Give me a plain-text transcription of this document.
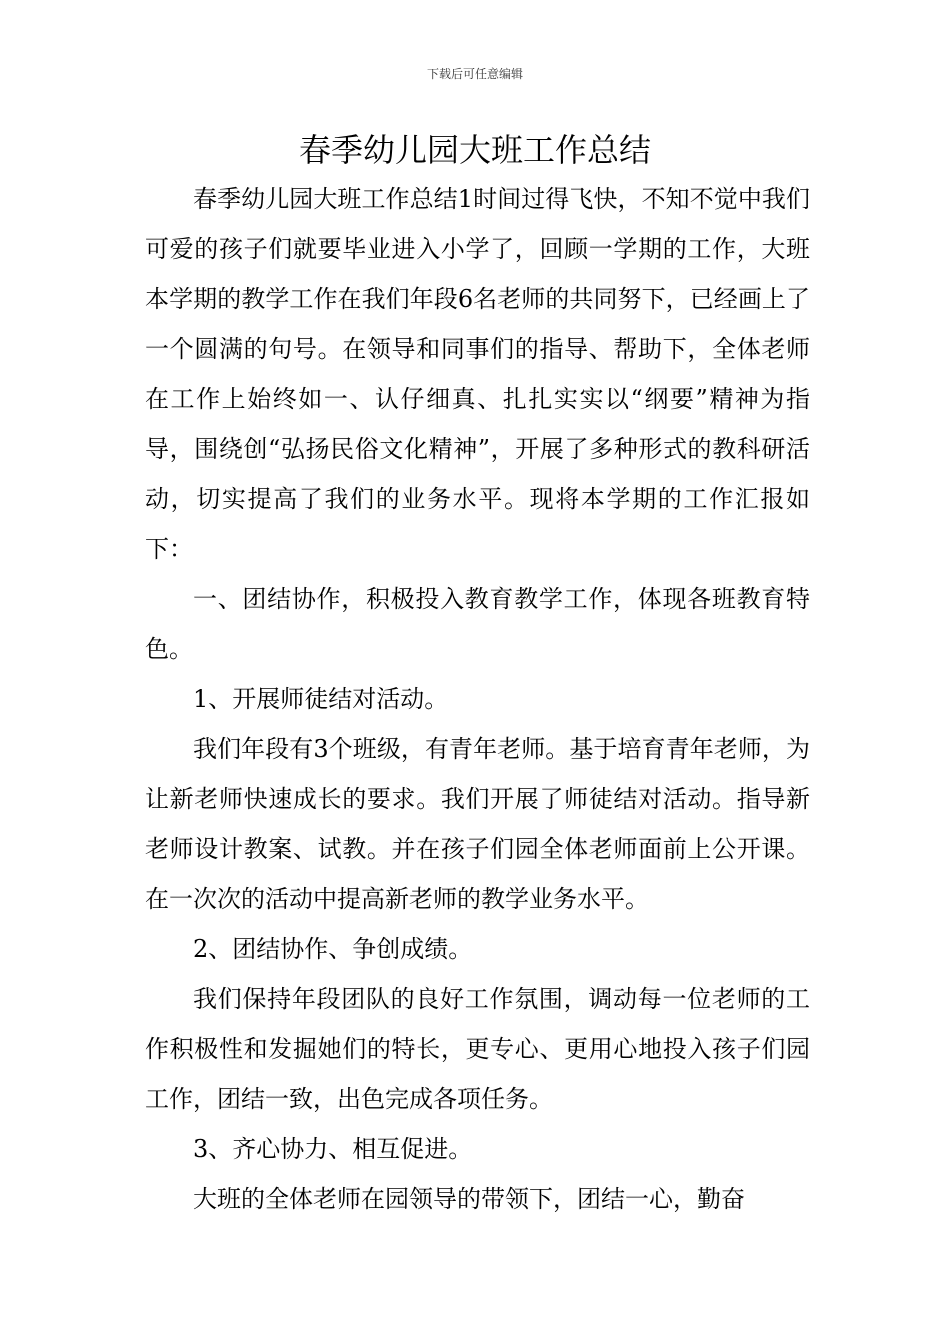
下载后可任意编辑
春季幼儿园大班工作总结

春季幼儿园大班工作总结1时间过得飞快，不知不觉中我们可爱的孩子们就要毕业进入小学了，回顾一学期的工作，大班本学期的教学工作在我们年段6名老师的共同努下，已经画上了一个圆满的句号。在领导和同事们的指导、帮助下，全体老师在工作上始终如一、认仔细真、扎扎实实以“纲要”精神为指导，围绕创“弘扬民俗文化精神”，开展了多种形式的教科研活动，切实提高了我们的业务水平。现将本学期的工作汇报如下：

一、团结协作，积极投入教育教学工作，体现各班教育特色。

1、开展师徒结对活动。

我们年段有3个班级，有青年老师。基于培育青年老师，为让新老师快速成长的要求。我们开展了师徒结对活动。指导新老师设计教案、试教。并在孩子们园全体老师面前上公开课。在一次次的活动中提高新老师的教学业务水平。

2、团结协作、争创成绩。

我们保持年段团队的良好工作氛围，调动每一位老师的工作积极性和发掘她们的特长，更专心、更用心地投入孩子们园工作，团结一致，出色完成各项任务。

3、齐心协力、相互促进。

大班的全体老师在园领导的带领下，团结一心，勤奋
